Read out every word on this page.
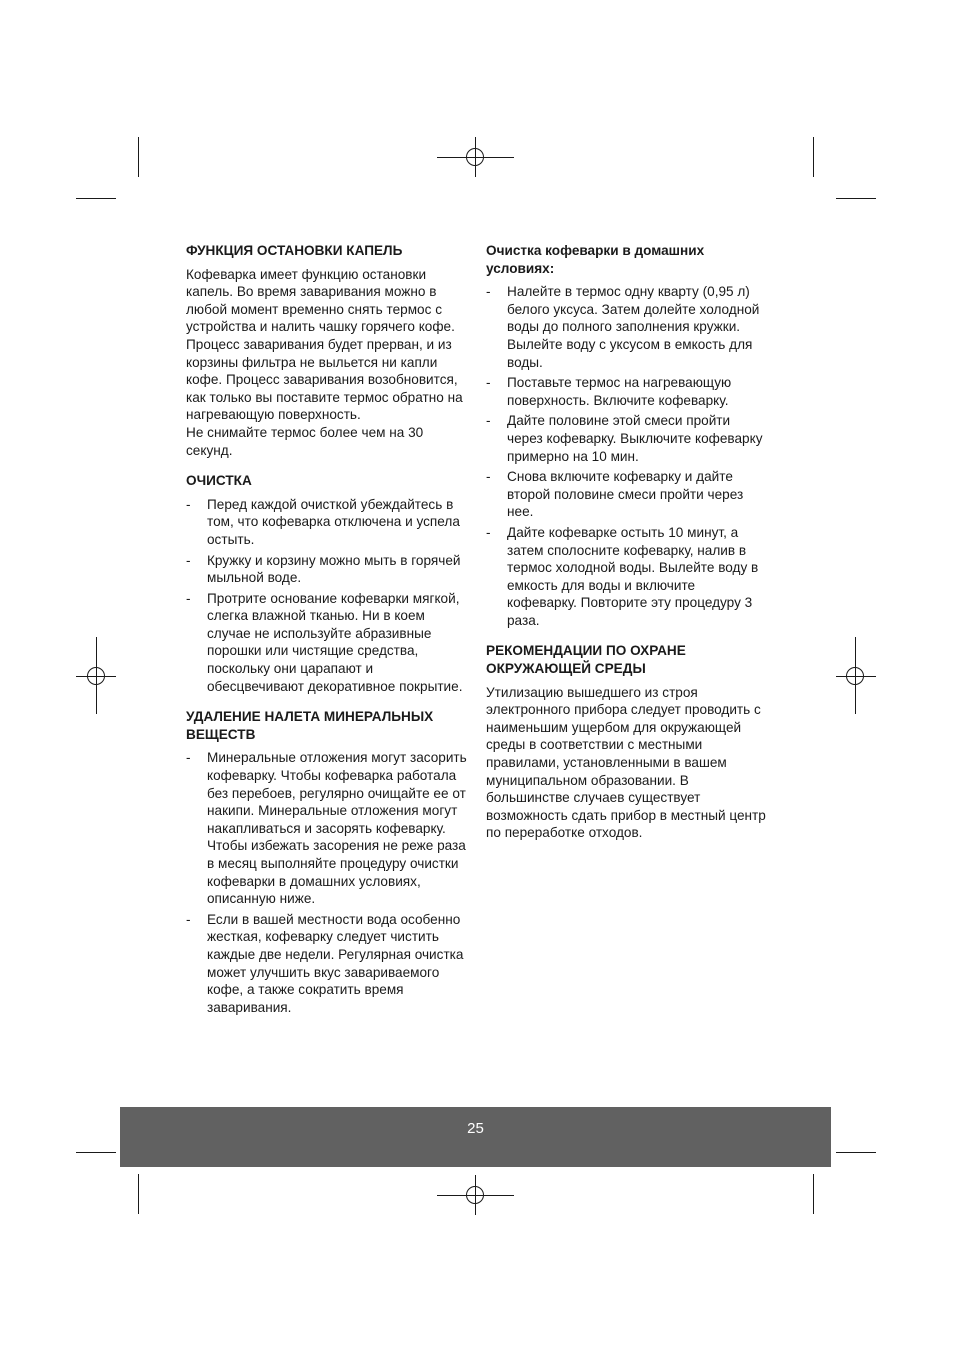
ФУНКЦИЯ ОСТАНОВКИ КАПЕЛЬ

Кофеварка имеет функцию остановки капель. Во время заваривания можно в любой момент временно снять термос с устройства и налить чашку горячего кофе. Процесс заваривания будет прерван, и из корзины фильтра не выльется ни капли кофе. Процесс заваривания возобновится, как только вы поставите термос обратно на нагревающую поверхность.

Не снимайте термос более чем на 30 секунд.

ОЧИСТКА
- Перед каждой очисткой убеждайтесь в том, что кофеварка отключена и успела остыть.
- Кружку и корзину можно мыть в горячей мыльной воде.
- Протрите основание кофеварки мягкой, слегка влажной тканью. Ни в коем случае не используйте абразивные порошки или чистящие средства, поскольку они царапают и обесцвечивают декоративное покрытие.
УДАЛЕНИЕ НАЛЕТА МИНЕРАЛЬНЫХ ВЕЩЕСТВ
- Минеральные отложения могут засорить кофеварку. Чтобы кофеварка работала без перебоев, регулярно очищайте ее от накипи. Минеральные отложения могут накапливаться и засорять кофеварку. Чтобы избежать засорения не реже раза в месяц выполняйте процедуру очистки кофеварки в домашних условиях, описанную ниже.
- Если в вашей местности вода особенно жесткая, кофеварку следует чистить каждые две недели. Регулярная очистка может улучшить вкус завариваемого кофе, а также сократить время заваривания.
Очистка кофеварки в домашних условиях:
- Налейте в термос одну кварту (0,95 л) белого уксуса. Затем долейте холодной воды до полного заполнения кружки. Вылейте воду с уксусом в емкость для воды.
- Поставьте термос на нагревающую поверхность. Включите кофеварку.
- Дайте половине этой смеси пройти через кофеварку. Выключите кофеварку примерно на 10 мин.
- Снова включите кофеварку и дайте второй половине смеси пройти через нее.
- Дайте кофеварке остыть 10 минут, а затем сполосните кофеварку, налив в термос холодной воды. Вылейте воду в емкость для воды и включите кофеварку. Повторите эту процедуру 3 раза.
РЕКОМЕНДАЦИИ ПО ОХРАНЕ ОКРУЖАЮЩЕЙ СРЕДЫ

Утилизацию вышедшего из строя электронного прибора следует проводить с наименьшим ущербом для окружающей среды в соответствии с местными правилами, установленными в вашем муниципальном образовании. В большинстве случаев существует возможность сдать прибор в местный центр по переработке отходов.

25
